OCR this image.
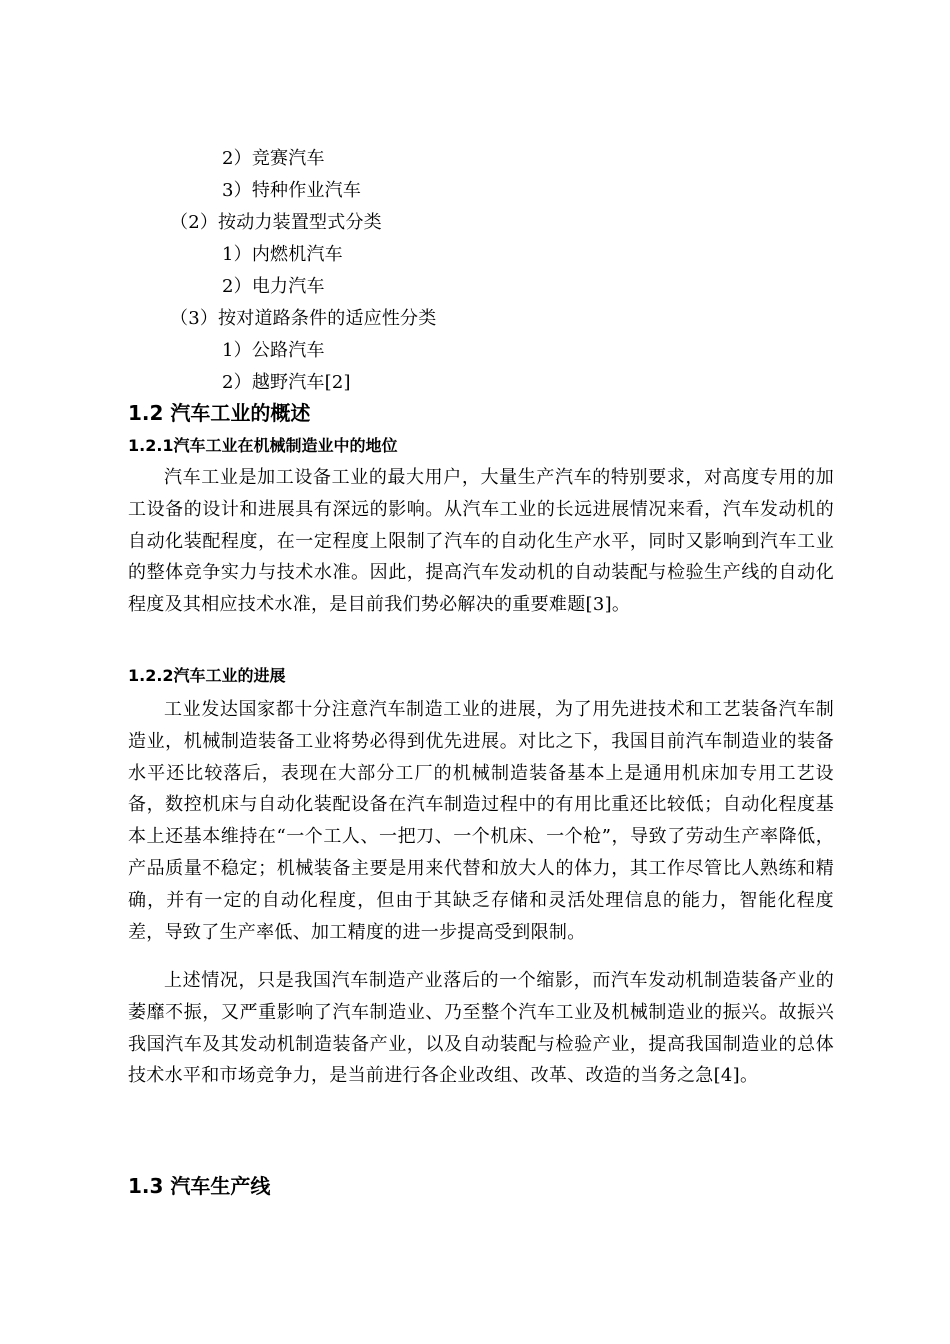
2）竞赛汽车
3）特种作业汽车
（2）按动力装置型式分类
1）内燃机汽车
2）电力汽车
（3）按对道路条件的适应性分类
1）公路汽车
2）越野汽车[2]
1.2 汽车工业的概述
1.2.1汽车工业在机械制造业中的地位
汽车工业是加工设备工业的最大用户，大量生产汽车的特别要求，对高度专用的加工设备的设计和进展具有深远的影响。从汽车工业的长远进展情况来看，汽车发动机的自动化装配程度，在一定程度上限制了汽车的自动化生产水平，同时又影响到汽车工业的整体竞争实力与技术水准。因此，提高汽车发动机的自动装配与检验生产线的自动化程度及其相应技术水准，是目前我们势必解决的重要难题[3]。
1.2.2汽车工业的进展
工业发达国家都十分注意汽车制造工业的进展，为了用先进技术和工艺装备汽车制造业，机械制造装备工业将势必得到优先进展。对比之下，我国目前汽车制造业的装备水平还比较落后，表现在大部分工厂的机械制造装备基本上是通用机床加专用工艺设备，数控机床与自动化装配设备在汽车制造过程中的有用比重还比较低；自动化程度基本上还基本维持在“一个工人、一把刀、一个机床、一个枪”，导致了劳动生产率降低，产品质量不稳定；机械装备主要是用来代替和放大人的体力，其工作尽管比人熟练和精确，并有一定的自动化程度，但由于其缺乏存储和灵活处理信息的能力，智能化程度差，导致了生产率低、加工精度的进一步提高受到限制。
上述情况，只是我国汽车制造产业落后的一个缩影，而汽车发动机制造装备产业的萎靡不振，又严重影响了汽车制造业、乃至整个汽车工业及机械制造业的振兴。故振兴我国汽车及其发动机制造装备产业，以及自动装配与检验产业，提高我国制造业的总体技术水平和市场竞争力，是当前进行各企业改组、改革、改造的当务之急[4]。
1.3 汽车生产线
